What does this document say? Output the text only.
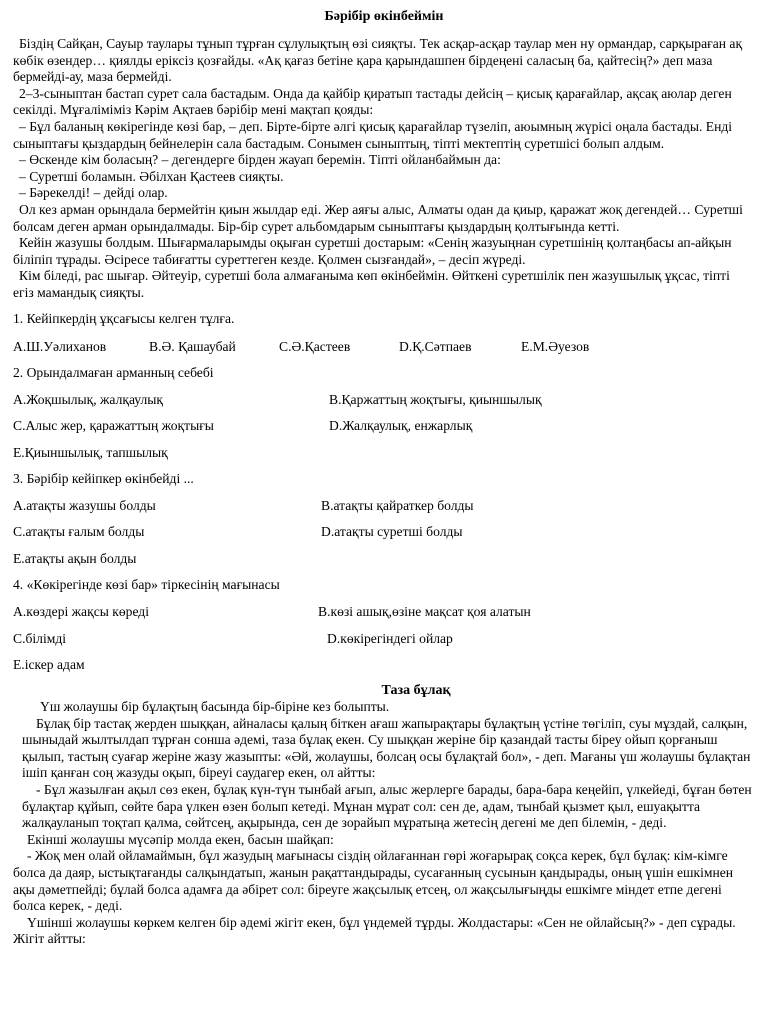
Бәрібір өкінбеймін

Біздің Сайқан, Сауыр таулары тұнып тұрған сұлулықтың өзі сияқты. Тек асқар-асқар таулар мен ну ормандар, сарқыраған ақ көбік өзендер… қиялды еріксіз қозғайды. «Ақ қағаз бетіне қара қарындашпен бірдеңені саласың ба, қайтесің?» деп маза бермейді-ау, маза бермейді.

2–3-сыныптан бастап сурет сала бастадым. Онда да қайбір қиратып тастады дейсің – қисық қарағайлар, ақсақ аюлар деген секілді. Мұғаліміміз Кәрім Ақтаев бәрібір мені мақтап қояды:

– Бұл баланың көкірегінде көзі бар, – деп. Бірте-бірте әлгі қисық қарағайлар түзеліп, аюымның жүрісі оңала бастады. Енді сыныптағы қыздардың бейнелерін сала бастадым. Сонымен сыныптың, тіпті мектептің суретшісі болып алдым.

– Өскенде кім боласың? – дегендерге бірден жауап беремін. Тіпті ойланбаймын да:

– Суретші боламын. Әбілхан Қастеев сияқты.

– Бәрекелді! – дейді олар.

Ол кез арман орындала бермейтін қиын жылдар еді. Жер аяғы алыс, Алматы одан да қиыр, қаражат жоқ дегендей… Суретші болсам деген арман орындалмады. Бір-бір сурет альбомдарым сыныптағы қыздардың қолтығында кетті.

Кейін жазушы болдым. Шығармаларымды оқыған суретші достарым: «Сенің жазуыңнан суретшінің қолтаңбасы ап-айқын біліпіп тұрады. Әсіресе табиғатты суреттеген кезде. Қолмен сызғандай», – десіп жүреді.

Кім біледі, рас шығар. Әйтеуір, суретші бола алмағаныма көп өкінбеймін. Өйткені суретшілік пен жазушылық ұқсас, тіпті егіз мамандық сияқты.

1. Кейіпкердің ұқсағысы келген тұлға.
A.Ш.Уәлиханов	B.Ә. Қашаубай	C.Ә.Қастеев	D.Қ.Сәтпаев	E.М.Әуезов
2. Орындалмаған арманның себебі
A.Жоқшылық, жалқаулық	B.Қаржаттың жоқтығы, қиыншылық
C.Алыс жер, қаражаттың жоқтығы	D.Жалқаулық, енжарлық
E.Қиыншылық, тапшылық
3. Бәрібір кейіпкер өкінбейді ...
A.атақты жазушы болды	B.атақты қайраткер болды
C.атақты ғалым болды	D.атақты суретші болды
E.атақты ақын болды
4. «Көкірегінде көзі бар» тіркесінің мағынасы
A.көздері жақсы көреді	B.көзі ашық,өзіне мақсат қоя алатын
C.білімді	D.көкірегіндегі ойлар
E.іскер адам
Таза бұлақ

Үш жолаушы бір бұлақтың басында бір-біріне кез болыпты.

Бұлақ бір тастақ жерден шыққан, айналасы қалың біткен ағаш жапырақтары бұлақтың үстіне төгіліп, суы мұздай, салқын, шыныдай жылтылдап тұрған сонша әдемі, таза бұлақ екен. Су шыққан жеріне бір қазандай тасты біреу ойып қорғаныш қылып, тастың суағар жеріне жазу жазыпты: «Әй, жолаушы, болсаң осы бұлақтай бол», - деп. Мағаны үш жолаушы бұлақтан ішіп қанған соң жазуды оқып, біреуі саудагер екен, ол айтты:

- Бұл жазылған ақыл сөз екен, бұлақ күн-түн тынбай ағып, алыс жерлерге барады, бара-бара кеңейіп, үлкейеді, бұған бөтен бұлақтар құйып, сөйте бара үлкен өзен болып кетеді. Мұнан мұрат сол: сен де, адам, тынбай қызмет қыл, ешуақытта жалқауланып тоқтап қалма, сөйтсең, ақырында, сен де зорайып мұратыңа жетесің дегені ме деп білемін, - деді.

Екінші жолаушы мүсәпір молда екен, басын шайқап:

- Жоқ мен олай ойламаймын, бұл жазудың мағынасы сіздің ойлағаннан гөрі жоғарырақ соқса керек, бұл бұлақ: кім-кімге болса да даяр, ыстықтағанды салқындатып, жанын рақаттандырады, сусағанның сусынын қандырады, оның үшін ешкімнен ақы дәметпейді; бұлай болса адамға да әбірет сол: біреуге жақсылық етсең, ол жақсылығыңды ешкімге міндет етпе дегені болса керек, - деді.

Үшінші жолаушы көркем келген бір әдемі жігіт екен, бұл үндемей тұрды. Жолдастары: «Сен не ойлайсың?» - деп сұрады. Жігіт айтты:
